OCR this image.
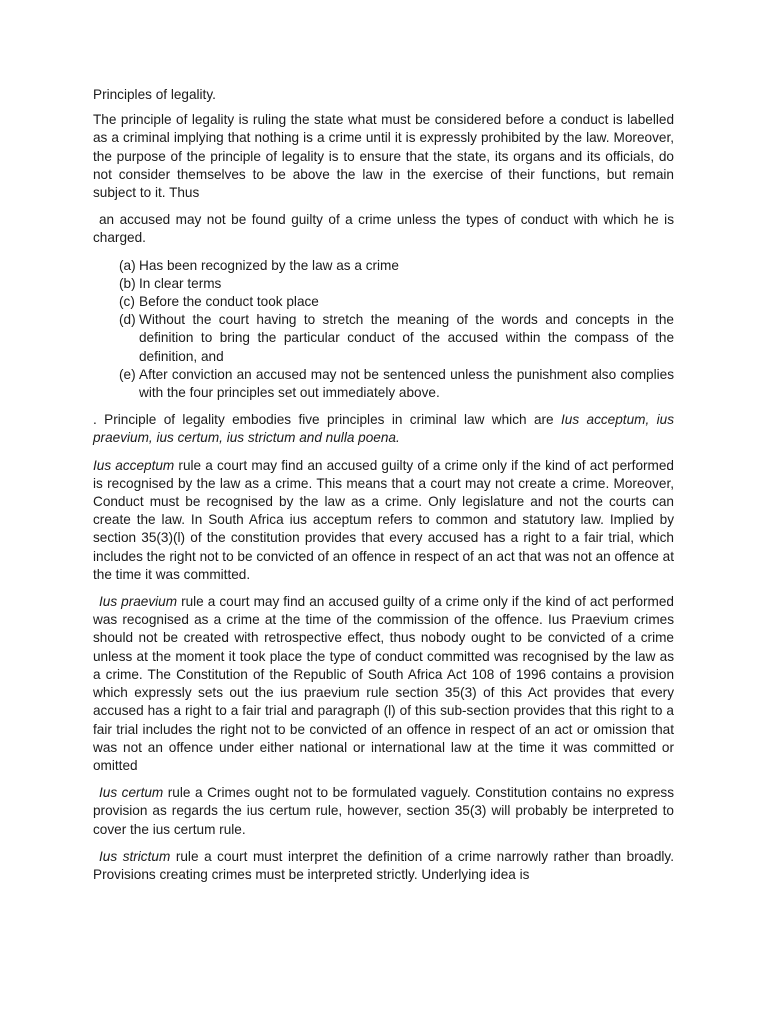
Principles of legality.

The principle of legality is ruling the state what must be considered before a conduct is labelled as a criminal implying that nothing is a crime until it is expressly prohibited by the law. Moreover, the purpose of the principle of legality is to ensure that the state, its organs and its officials, do not consider themselves to be above the law in the exercise of their functions, but remain subject to it. Thus

an accused may not be found guilty of a crime unless the types of conduct with which he is charged.

(a) Has been recognized by the law as a crime
(b) In clear terms
(c) Before the conduct took place
(d) Without the court having to stretch the meaning of the words and concepts in the definition to bring the particular conduct of the accused within the compass of the definition, and
(e) After conviction an accused may not be sentenced unless the punishment also complies with the four principles set out immediately above.

. Principle of legality embodies five principles in criminal law which are Ius acceptum, ius praevium, ius certum, ius strictum and nulla poena.

Ius acceptum rule a court may find an accused guilty of a crime only if the kind of act performed is recognised by the law as a crime. This means that a court may not create a crime. Moreover, Conduct must be recognised by the law as a crime. Only legislature and not the courts can create the law. In South Africa ius acceptum refers to common and statutory law. Implied by section 35(3)(l) of the constitution provides that every accused has a right to a fair trial, which includes the right not to be convicted of an offence in respect of an act that was not an offence at the time it was committed.

Ius praevium rule a court may find an accused guilty of a crime only if the kind of act performed was recognised as a crime at the time of the commission of the offence. Ius Praevium crimes should not be created with retrospective effect, thus nobody ought to be convicted of a crime unless at the moment it took place the type of conduct committed was recognised by the law as a crime. The Constitution of the Republic of South Africa Act 108 of 1996 contains a provision which expressly sets out the ius praevium rule section 35(3) of this Act provides that every accused has a right to a fair trial and paragraph (l) of this sub-section provides that this right to a fair trial includes the right not to be convicted of an offence in respect of an act or omission that was not an offence under either national or international law at the time it was committed or omitted

Ius certum rule a Crimes ought not to be formulated vaguely. Constitution contains no express provision as regards the ius certum rule, however, section 35(3) will probably be interpreted to cover the ius certum rule.

Ius strictum rule a court must interpret the definition of a crime narrowly rather than broadly. Provisions creating crimes must be interpreted strictly. Underlying idea is
